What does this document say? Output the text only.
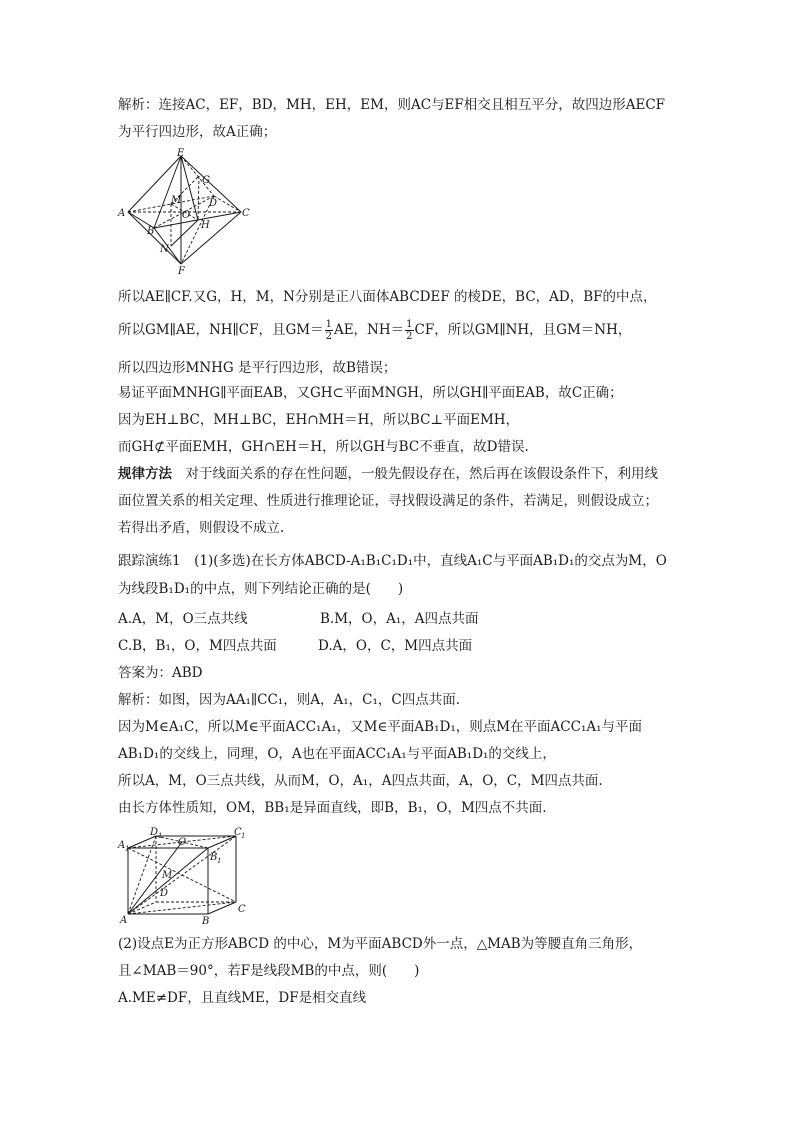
解析：连接AC，EF，BD，MH，EH，EM，则AC与EF相交且相互平分，故四边形AECF
为平行四边形，故A正确；
E
G
M	D
A	O	C
B
H
N
F
所以AE∥CF.又G，H，M，N分别是正八面体ABCDEF 的棱DE，BC，AD，BF的中点，
所以GM∥AE，NH∥CF，且$GM= \frac{1}{2}$ AE，$NH= \frac{1}{2}$ CF，所以GM∥NH，且GM＝NH，
所以四边形MNHG 是平行四边形，故B错误；
易证平面MNHG∥平面EAB，又GH⊂平面MNGH，所以GH∥平面EAB，故C正确；
因为EH⊥BC，MH⊥BC，EH∩MH＝H，所以BC⊥平面EMH，
而GH⊄平面EMH，GH∩EH＝H，所以GH与BC不垂直，故D错误.
规律方法　对于线面关系的存在性问题，一般先假设存在，然后再在该假设条件下，利用线
面位置关系的相关定理、性质进行推理论证，寻找假设满足的条件，若满足，则假设成立；
若得出矛盾，则假设不成立.
跟踪演练1　(1)(多选)在长方体ABCD-A₁B₁C₁D₁中，直线A₁C与平面AB₁D₁的交点为M，O
为线段B₁D₁的中点，则下列结论正确的是(　　)
A.A，M，O三点共线	B.M，O，A₁，A四点共面
C.B，B₁，O，M四点共面	D.A，O，C，M四点共面
答案为：ABD
解析：如图，因为AA₁∥CC₁，则A，A₁，C₁，C四点共面.
因为M∈A₁C，所以M∈平面ACC₁A₁，又M∈平面AB₁D₁，则点M在平面ACC₁A₁与平面
AB₁D₁的交线上，同理，O，A也在平面ACC₁A₁与平面AB₁D₁的交线上，
所以A，M，O三点共线，从而M，O，A₁，A四点共面，A，O，C，M四点共面.
由长方体性质知，OM，BB₁是异面直线，即B，B₁，O，M四点不共面.
D 1	C 1
A 1
O
B 1
M
D
A	B
C
(2)设点E为正方形ABCD 的中心，M为平面ABCD外一点，△MAB为等腰直角三角形，
且∠MAB＝90°，若F是线段MB的中点，则(　　)
A.ME≠DF，且直线ME，DF是相交直线
